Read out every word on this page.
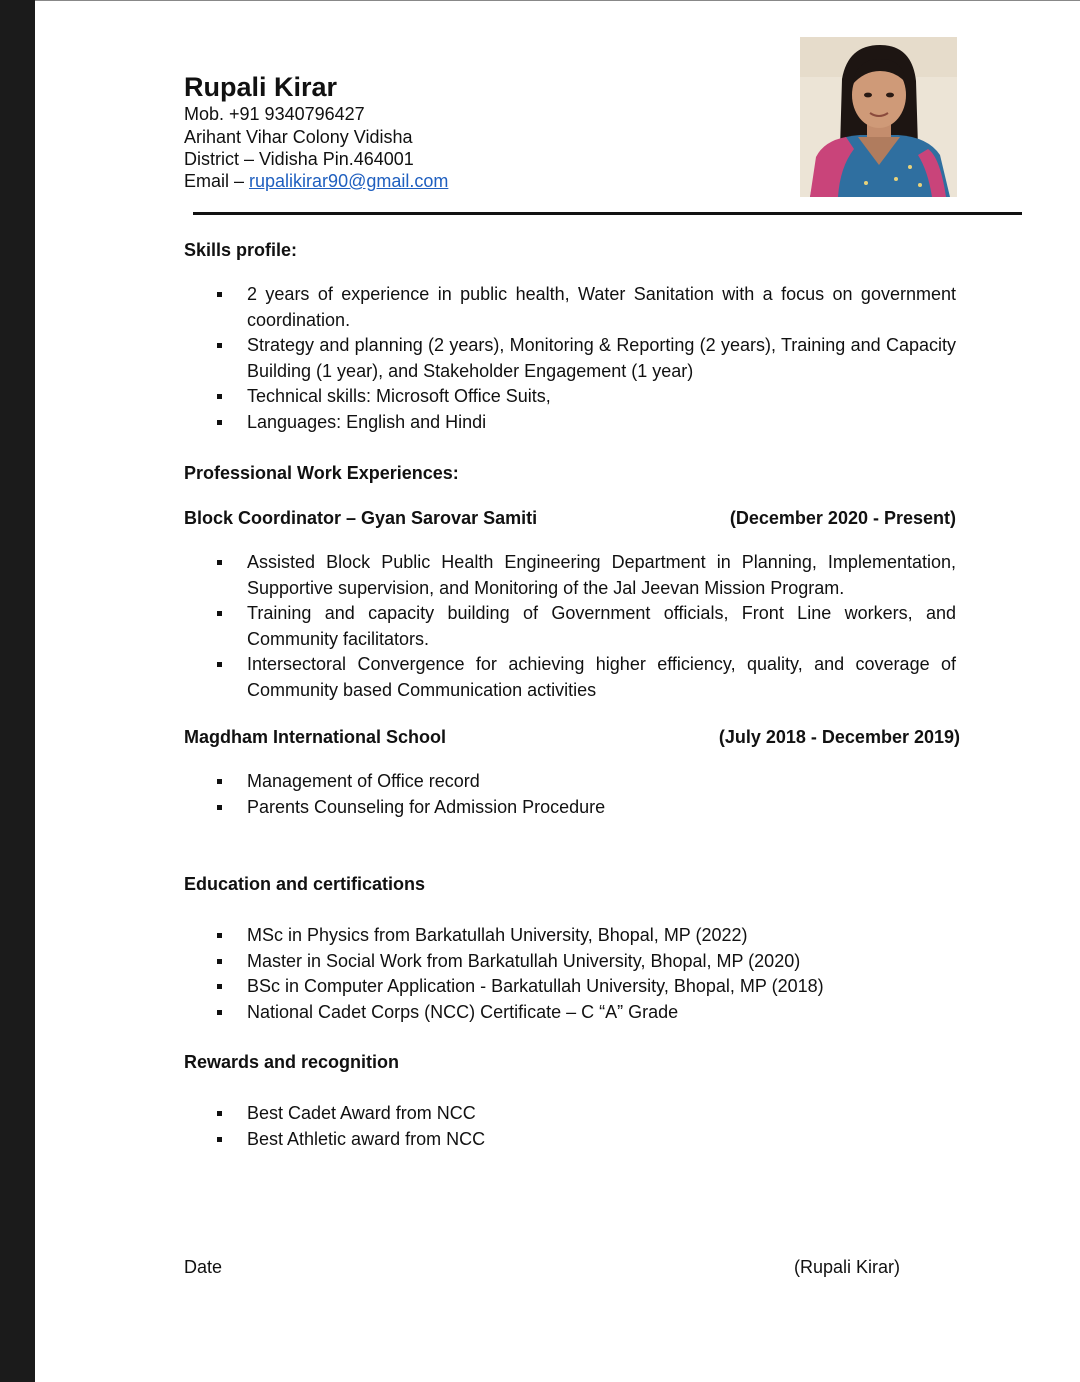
Rupali Kirar
Mob. +91 9340796427
Arihant Vihar Colony Vidisha
District – Vidisha Pin.464001
Email – rupalikirar90@gmail.com
Skills profile:
2 years of experience in public health, Water Sanitation with a focus on government coordination.
Strategy and planning (2 years), Monitoring & Reporting (2 years), Training and Capacity Building (1 year), and Stakeholder Engagement (1 year)
Technical skills: Microsoft Office Suits,
Languages: English and Hindi
Professional Work Experiences:
Block Coordinator – Gyan Sarovar Samiti	(December 2020 - Present)
Assisted Block Public Health Engineering Department in Planning, Implementation, Supportive supervision, and Monitoring of the Jal Jeevan Mission Program.
Training and capacity building of Government officials, Front Line workers, and Community facilitators.
Intersectoral Convergence for achieving higher efficiency, quality, and coverage of Community based Communication activities
Magdham International School	(July 2018 - December 2019)
Management of Office record
Parents Counseling for Admission Procedure
Education and certifications
MSc in Physics from Barkatullah University, Bhopal, MP (2022)
Master in Social Work from Barkatullah University, Bhopal, MP (2020)
BSc in Computer Application - Barkatullah University, Bhopal, MP (2018)
National Cadet Corps (NCC) Certificate – C “A” Grade
Rewards and recognition
Best Cadet Award from NCC
Best Athletic award from NCC
Date	(Rupali Kirar)
